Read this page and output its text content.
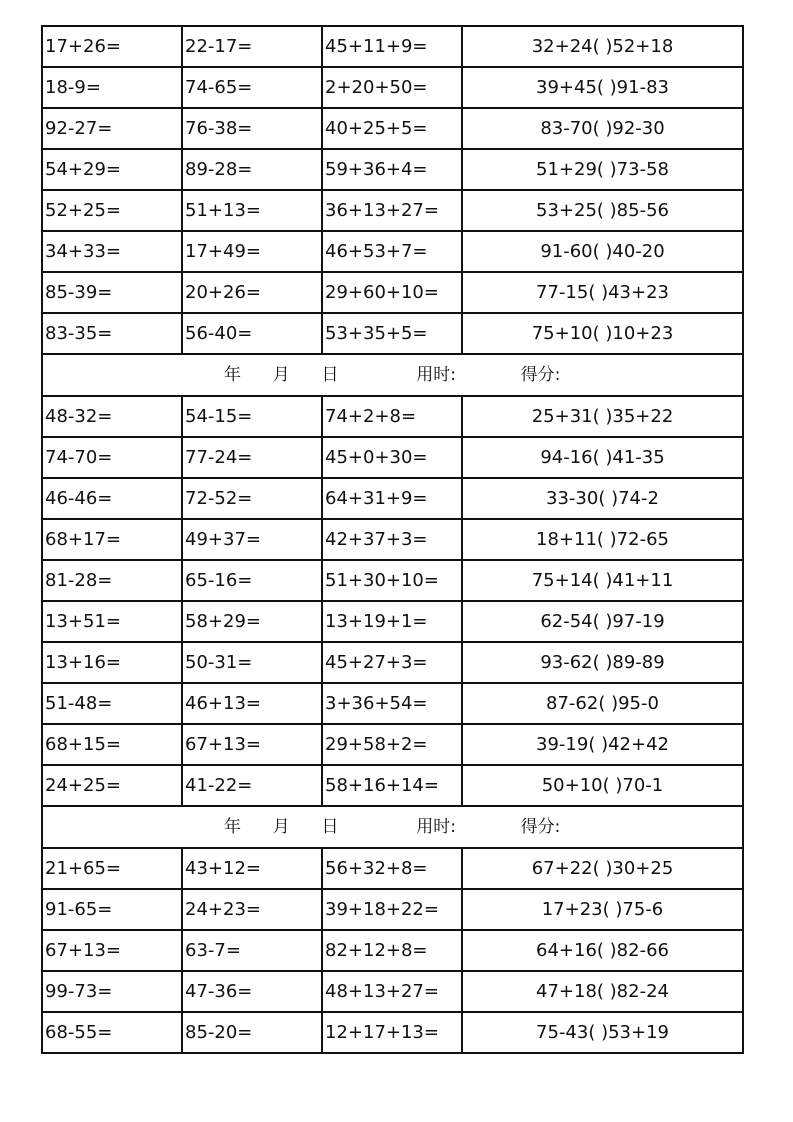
17+26=	22-17=	45+11+9=	32+24( )52+18
18-9=	74-65=	2+20+50=	39+45( )91-83
92-27=	76-38=	40+25+5=	83-70( )92-30
54+29=	89-28=	59+36+4=	51+29( )73-58
52+25=	51+13=	36+13+27=	53+25( )85-56
34+33=	17+49=	46+53+7=	91-60( )40-20
85-39=	20+26=	29+60+10=	77-15( )43+23
83-35=	56-40=	53+35+5=	75+10( )10+23
年 月 日 用时: 得分:			
48-32=	54-15=	74+2+8=	25+31( )35+22
74-70=	77-24=	45+0+30=	94-16( )41-35
46-46=	72-52=	64+31+9=	33-30( )74-2
68+17=	49+37=	42+37+3=	18+11( )72-65
81-28=	65-16=	51+30+10=	75+14( )41+11
13+51=	58+29=	13+19+1=	62-54( )97-19
13+16=	50-31=	45+27+3=	93-62( )89-89
51-48=	46+13=	3+36+54=	87-62( )95-0
68+15=	67+13=	29+58+2=	39-19( )42+42
24+25=	41-22=	58+16+14=	50+10( )70-1
年 月 日 用时: 得分:			
21+65=	43+12=	56+32+8=	67+22( )30+25
91-65=	24+23=	39+18+22=	17+23( )75-6
67+13=	63-7=	82+12+8=	64+16( )82-66
99-73=	47-36=	48+13+27=	47+18( )82-24
68-55=	85-20=	12+17+13=	75-43( )53+19
